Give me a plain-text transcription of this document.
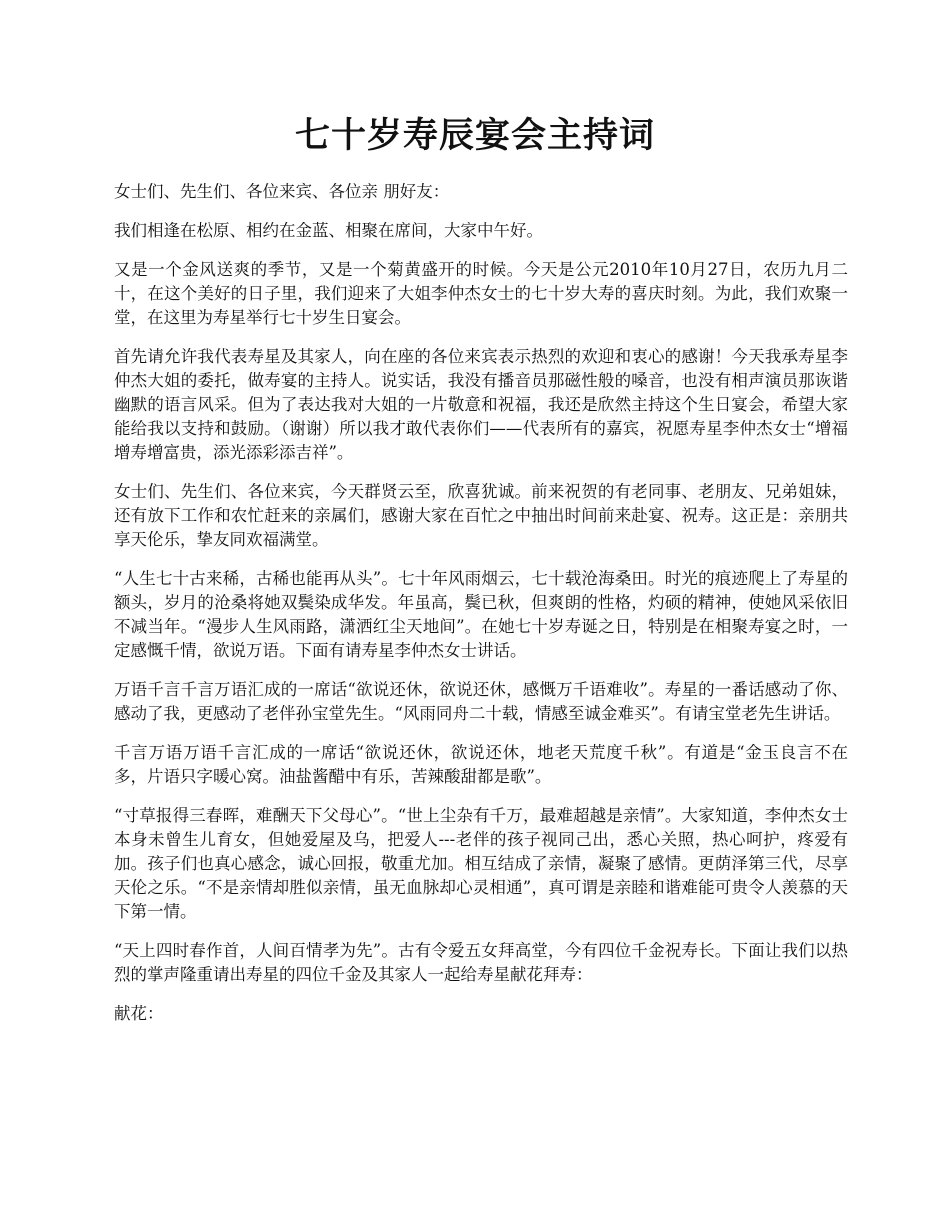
七十岁寿辰宴会主持词

女士们、先生们、各位来宾、各位亲 朋好友：

我们相逢在松原、相约在金蓝、相聚在席间，大家中午好。

又是一个金风送爽的季节，又是一个菊黄盛开的时候。今天是公元2010年10月27日，农历九月二十，在这个美好的日子里，我们迎来了大姐李仲杰女士的七十岁大寿的喜庆时刻。为此，我们欢聚一堂，在这里为寿星举行七十岁生日宴会。

首先请允许我代表寿星及其家人，向在座的各位来宾表示热烈的欢迎和衷心的感谢！今天我承寿星李仲杰大姐的委托，做寿宴的主持人。说实话，我没有播音员那磁性般的嗓音，也没有相声演员那诙谐幽默的语言风采。但为了表达我对大姐的一片敬意和祝福，我还是欣然主持这个生日宴会，希望大家能给我以支持和鼓励。（谢谢）所以我才敢代表你们——代表所有的嘉宾，祝愿寿星李仲杰女士“增福增寿增富贵，添光添彩添吉祥”。

女士们、先生们、各位来宾，今天群贤云至，欣喜犹诚。前来祝贺的有老同事、老朋友、兄弟姐妹，还有放下工作和农忙赶来的亲属们，感谢大家在百忙之中抽出时间前来赴宴、祝寿。这正是：亲朋共享天伦乐，挚友同欢福满堂。

“人生七十古来稀，古稀也能再从头”。七十年风雨烟云，七十载沧海桑田。时光的痕迹爬上了寿星的额头，岁月的沧桑将她双鬓染成华发。年虽高，鬓已秋，但爽朗的性格，灼硕的精神，使她风采依旧不减当年。“漫步人生风雨路，潇洒红尘天地间”。在她七十岁寿诞之日，特别是在相聚寿宴之时，一定感慨千情，欲说万语。下面有请寿星李仲杰女士讲话。

万语千言千言万语汇成的一席话“欲说还休，欲说还休，感慨万千语难收”。寿星的一番话感动了你、感动了我，更感动了老伴孙宝堂先生。“风雨同舟二十载，情感至诚金难买”。有请宝堂老先生讲话。

千言万语万语千言汇成的一席话“欲说还休，欲说还休，地老天荒度千秋”。有道是“金玉良言不在多，片语只字暖心窝。油盐酱醋中有乐，苦辣酸甜都是歌”。

“寸草报得三春晖，难酬天下父母心”。“世上尘杂有千万，最难超越是亲情”。大家知道，李仲杰女士本身未曾生儿育女，但她爱屋及乌，把爱人---老伴的孩子视同己出，悉心关照，热心呵护，疼爱有加。孩子们也真心感念，诚心回报，敬重尤加。相互结成了亲情，凝聚了感情。更荫泽第三代，尽享天伦之乐。“不是亲情却胜似亲情，虽无血脉却心灵相通”，真可谓是亲睦和谐难能可贵令人羡慕的天下第一情。

“天上四时春作首，人间百情孝为先”。古有令爱五女拜高堂，今有四位千金祝寿长。下面让我们以热烈的掌声隆重请出寿星的四位千金及其家人一起给寿星献花拜寿：

献花：
